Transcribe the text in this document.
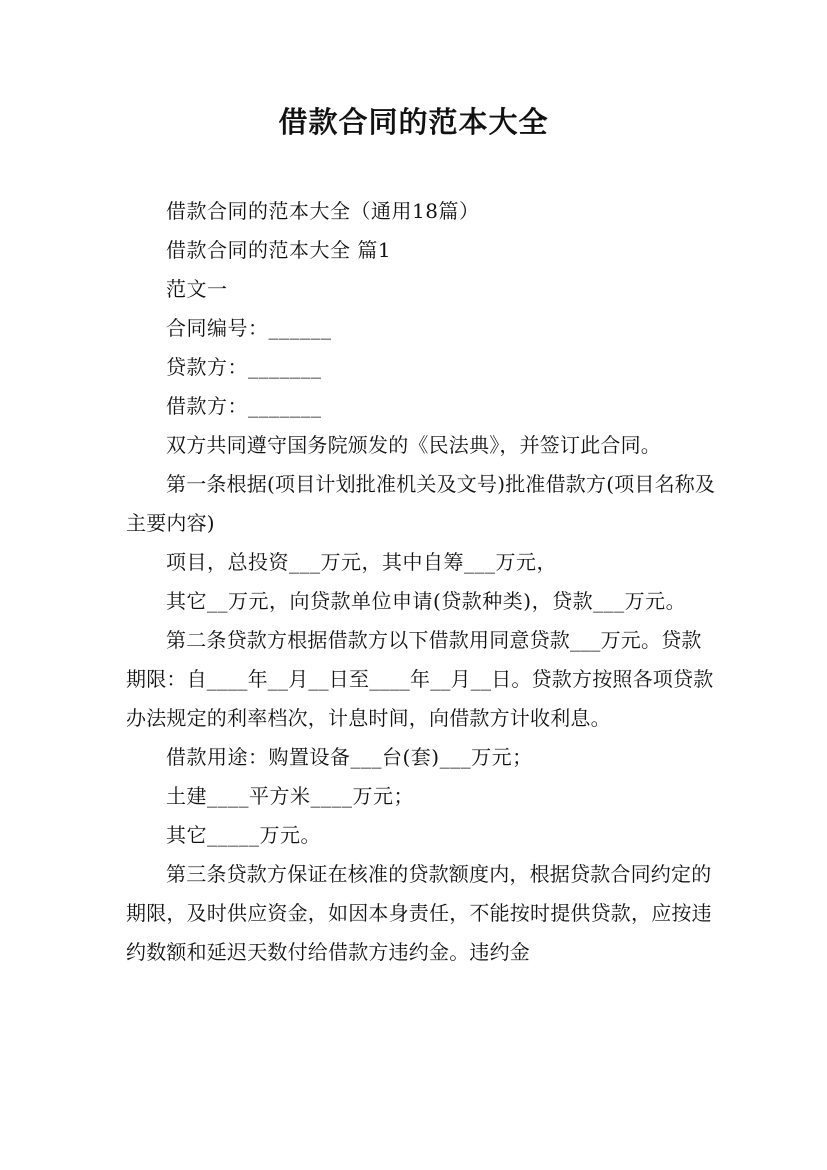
借款合同的范本大全

借款合同的范本大全（通用18篇）

借款合同的范本大全 篇1

范文一

合同编号：______

贷款方：_______

借款方：_______

双方共同遵守国务院颁发的《民法典》，并签订此合同。

第一条根据(项目计划批准机关及文号)批准借款方(项目名称及主要内容)

项目，总投资___万元，其中自筹___万元，

其它__万元，向贷款单位申请(贷款种类)，贷款___万元。

第二条贷款方根据借款方以下借款用同意贷款___万元。贷款期限：自____年__月__日至____年__月__日。贷款方按照各项贷款办法规定的利率档次，计息时间，向借款方计收利息。

借款用途：购置设备___台(套)___万元；

土建____平方米____万元；

其它_____万元。

第三条贷款方保证在核准的贷款额度内，根据贷款合同约定的期限，及时供应资金，如因本身责任，不能按时提供贷款，应按违约数额和延迟天数付给借款方违约金。违约金
